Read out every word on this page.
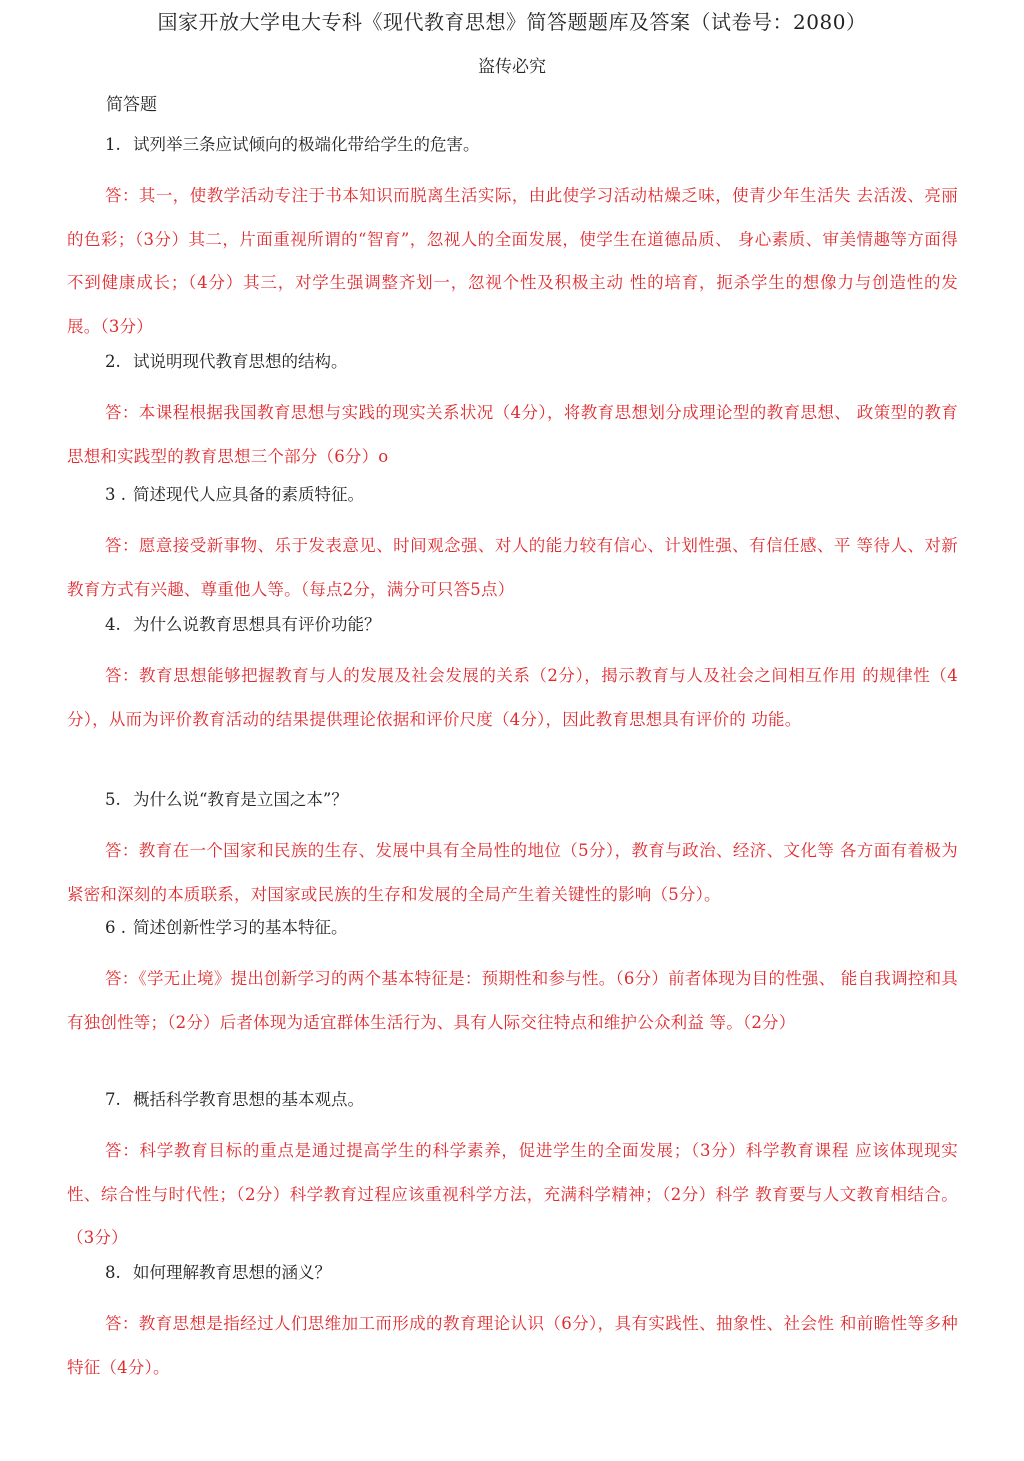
国家开放大学电大专科《现代教育思想》简答题题库及答案（试卷号：2080）
盗传必究
简答题
1. 试列举三条应试倾向的极端化带给学生的危害。
答：其一，使教学活动专注于书本知识而脱离生活实际，由此使学习活动枯燥乏味，使青少年生活失 去活泼、亮丽的色彩；（3分）其二，片面重视所谓的“智育”，忽视人的全面发展，使学生在道德品质、 身心素质、审美情趣等方面得不到健康成长；（4分）其三，对学生强调整齐划一，忽视个性及积极主动 性的培育，扼杀学生的想像力与创造性的发展。（3分）
2. 试说明现代教育思想的结构。
答：本课程根据我国教育思想与实践的现实关系状况（4分），将教育思想划分成理论型的教育思想、 政策型的教育思想和实践型的教育思想三个部分（6分）o
3 . 简述现代人应具备的素质特征。
答：愿意接受新事物、乐于发表意见、时间观念强、对人的能力较有信心、计划性强、有信任感、平 等待人、对新教育方式有兴趣、尊重他人等。（每点2分，满分可只答5点）
4. 为什么说教育思想具有评价功能？
答：教育思想能够把握教育与人的发展及社会发展的关系（2分），揭示教育与人及社会之间相互作用 的规律性（4分），从而为评价教育活动的结果提供理论依据和评价尺度（4分），因此教育思想具有评价的 功能。
5. 为什么说“教育是立国之本”？
答：教育在一个国家和民族的生存、发展中具有全局性的地位（5分），教育与政治、经济、文化等 各方面有着极为紧密和深刻的本质联系，对国家或民族的生存和发展的全局产生着关键性的影响（5分）。
6 . 简述创新性学习的基本特征。
答：《学无止境》提出创新学习的两个基本特征是：预期性和参与性。（6分）前者体现为目的性强、 能自我调控和具有独创性等；（2分）后者体现为适宜群体生活行为、具有人际交往特点和维护公众利益 等。（2分）
7. 概括科学教育思想的基本观点。
答：科学教育目标的重点是通过提高学生的科学素养，促进学生的全面发展；（3分）科学教育课程 应该体现现实性、综合性与时代性；（2分）科学教育过程应该重视科学方法，充满科学精神；（2分）科学 教育要与人文教育相结合。（3分）
8. 如何理解教育思想的涵义？
答：教育思想是指经过人们思维加工而形成的教育理论认识（6分），具有实践性、抽象性、社会性 和前瞻性等多种特征（4分）。
